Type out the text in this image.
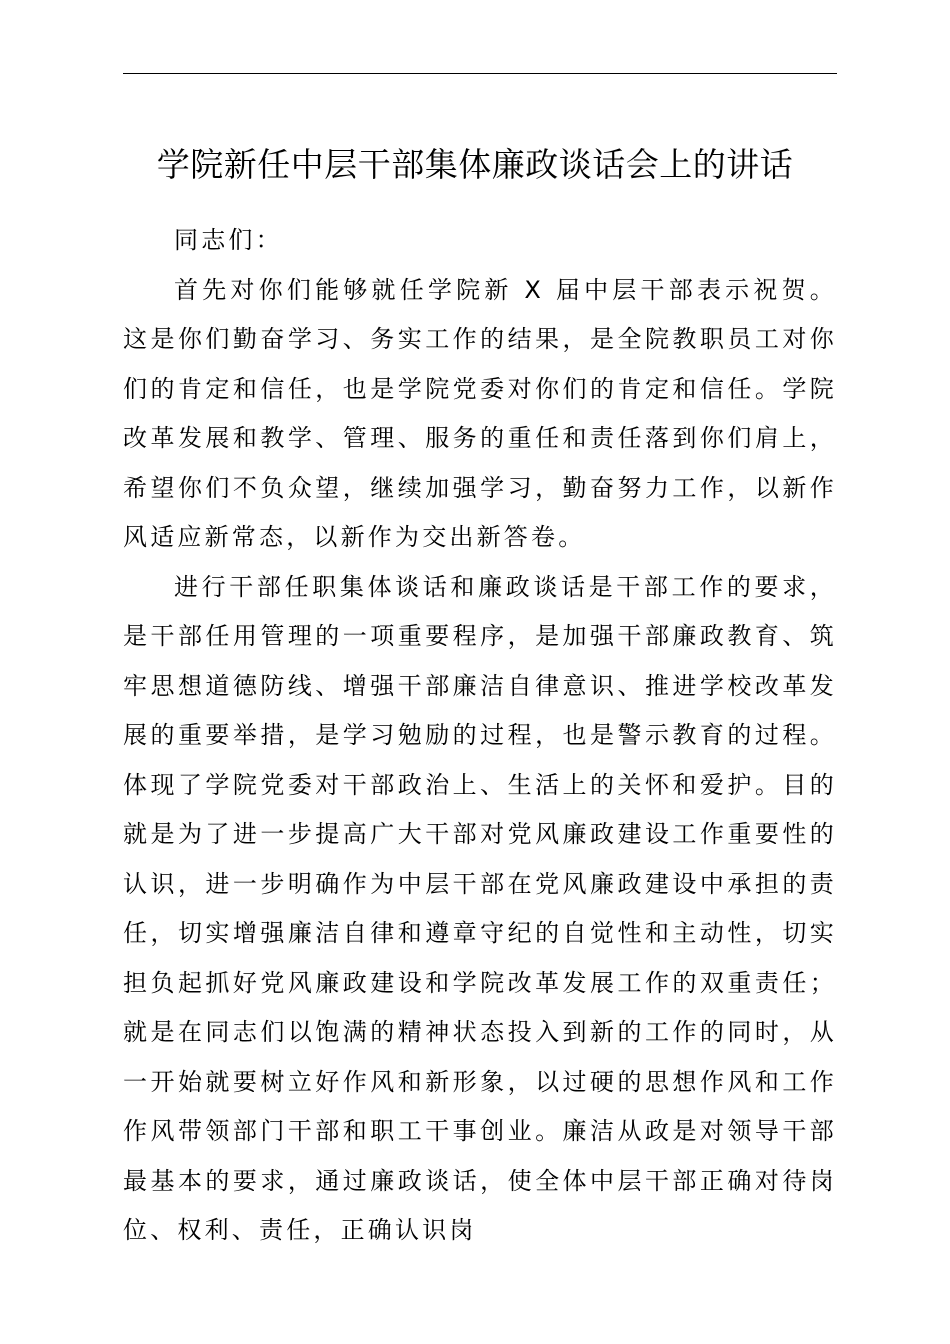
学院新任中层干部集体廉政谈话会上的讲话

同志们：

首先对你们能够就任学院新 X 届中层干部表示祝贺。这是你们勤奋学习、务实工作的结果，是全院教职员工对你们的肯定和信任，也是学院党委对你们的肯定和信任。学院改革发展和教学、管理、服务的重任和责任落到你们肩上，希望你们不负众望，继续加强学习，勤奋努力工作，以新作风适应新常态，以新作为交出新答卷。

进行干部任职集体谈话和廉政谈话是干部工作的要求，是干部任用管理的一项重要程序，是加强干部廉政教育、筑牢思想道德防线、增强干部廉洁自律意识、推进学校改革发展的重要举措，是学习勉励的过程，也是警示教育的过程。体现了学院党委对干部政治上、生活上的关怀和爱护。目的就是为了进一步提高广大干部对党风廉政建设工作重要性的认识，进一步明确作为中层干部在党风廉政建设中承担的责任，切实增强廉洁自律和遵章守纪的自觉性和主动性，切实担负起抓好党风廉政建设和学院改革发展工作的双重责任；就是在同志们以饱满的精神状态投入到新的工作的同时，从一开始就要树立好作风和新形象，以过硬的思想作风和工作作风带领部门干部和职工干事创业。廉洁从政是对领导干部最基本的要求，通过廉政谈话，使全体中层干部正确对待岗位、权利、责任，正确认识岗
